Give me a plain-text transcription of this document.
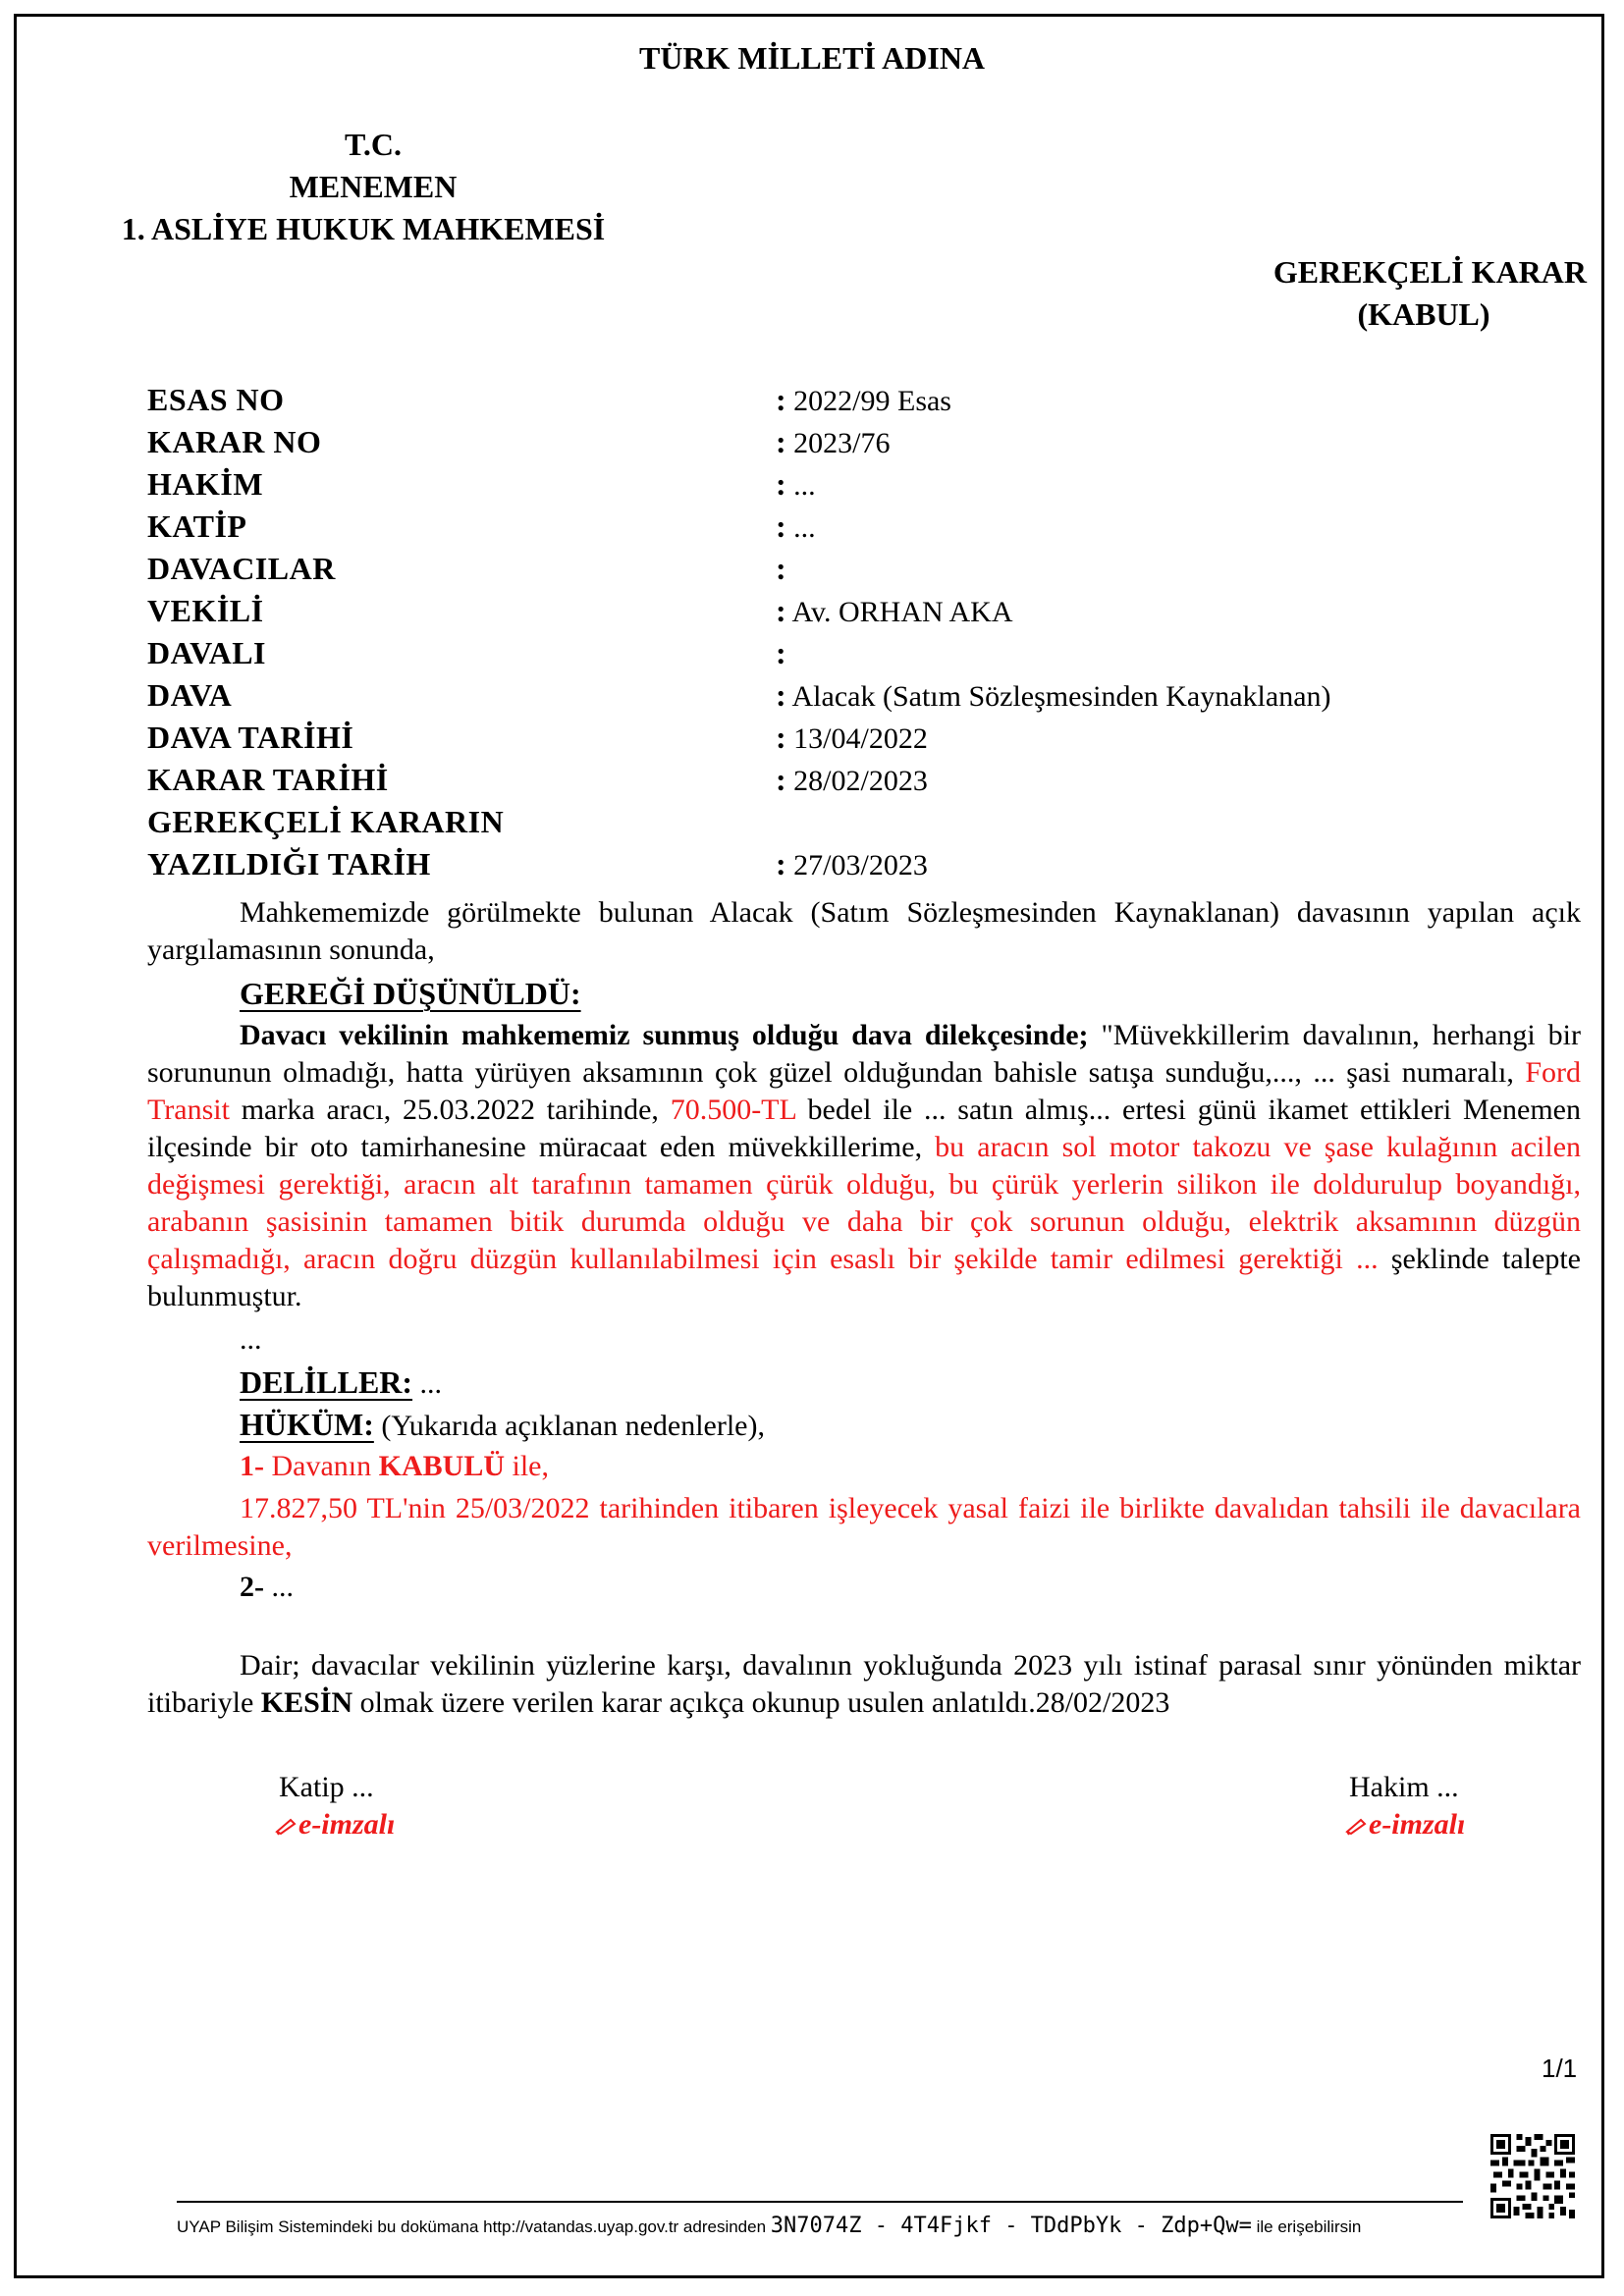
TÜRK MİLLETİ ADINA
T.C.
MENEMEN
1. ASLİYE HUKUK MAHKEMESİ
GEREKÇELİ KARAR
(KABUL)
ESAS NO	: 2022/99 Esas
KARAR NO	: 2023/76
HAKİM	: ...
KATİP	: ...
DAVACILAR	:
VEKİLİ	: Av. ORHAN AKA
DAVALI	:
DAVA	: Alacak (Satım Sözleşmesinden Kaynaklanan)
DAVA TARİHİ	: 13/04/2022
KARAR TARİHİ	: 28/02/2023
GEREKÇELİ KARARIN
YAZILDIĞI TARİH	: 27/03/2023
Mahkememizde görülmekte bulunan Alacak (Satım Sözleşmesinden Kaynaklanan) davasının yapılan açık yargılamasının sonunda,
GEREĞİ DÜŞÜNÜLDÜ:
Davacı vekilinin mahkememiz sunmuş olduğu dava dilekçesinde; "Müvekkillerim davalının, herhangi bir sorununun olmadığı, hatta yürüyen aksamının çok güzel olduğundan bahisle satışa sunduğu,..., ... şasi numaralı, Ford Transit marka aracı, 25.03.2022 tarihinde, 70.500-TL bedel ile ... satın almış... ertesi günü ikamet ettikleri Menemen ilçesinde bir oto tamirhanesine müracaat eden müvekkillerime, bu aracın sol motor takozu ve şase kulağının acilen değişmesi gerektiği, aracın alt tarafının tamamen çürük olduğu, bu çürük yerlerin silikon ile doldurulup boyandığı, arabanın şasisinin tamamen bitik durumda olduğu ve daha bir çok sorunun olduğu, elektrik aksamının düzgün çalışmadığı, aracın doğru düzgün kullanılabilmesi için esaslı bir şekilde tamir edilmesi gerektiği ... şeklinde talepte bulunmuştur.
...
DELİLLER: ...
HÜKÜM: (Yukarıda açıklanan nedenlerle),
1- Davanın KABULÜ ile,
17.827,50 TL'nin 25/03/2022 tarihinden itibaren işleyecek yasal faizi ile birlikte davalıdan tahsili ile davacılara verilmesine,
2- ...
Dair; davacılar vekilinin yüzlerine karşı, davalının yokluğunda 2023 yılı istinaf parasal sınır yönünden miktar itibariyle KESİN olmak üzere verilen karar açıkça okunup usulen anlatıldı.28/02/2023
Katip ...
e-imzalı
Hakim ...
e-imzalı
1/1
UYAP Bilişim Sistemindeki bu dokümana http://vatandas.uyap.gov.tr adresinden 3N7074Z - 4T4Fjkf - TDdPbYk - Zdp+Qw= ile erişebilirsin
